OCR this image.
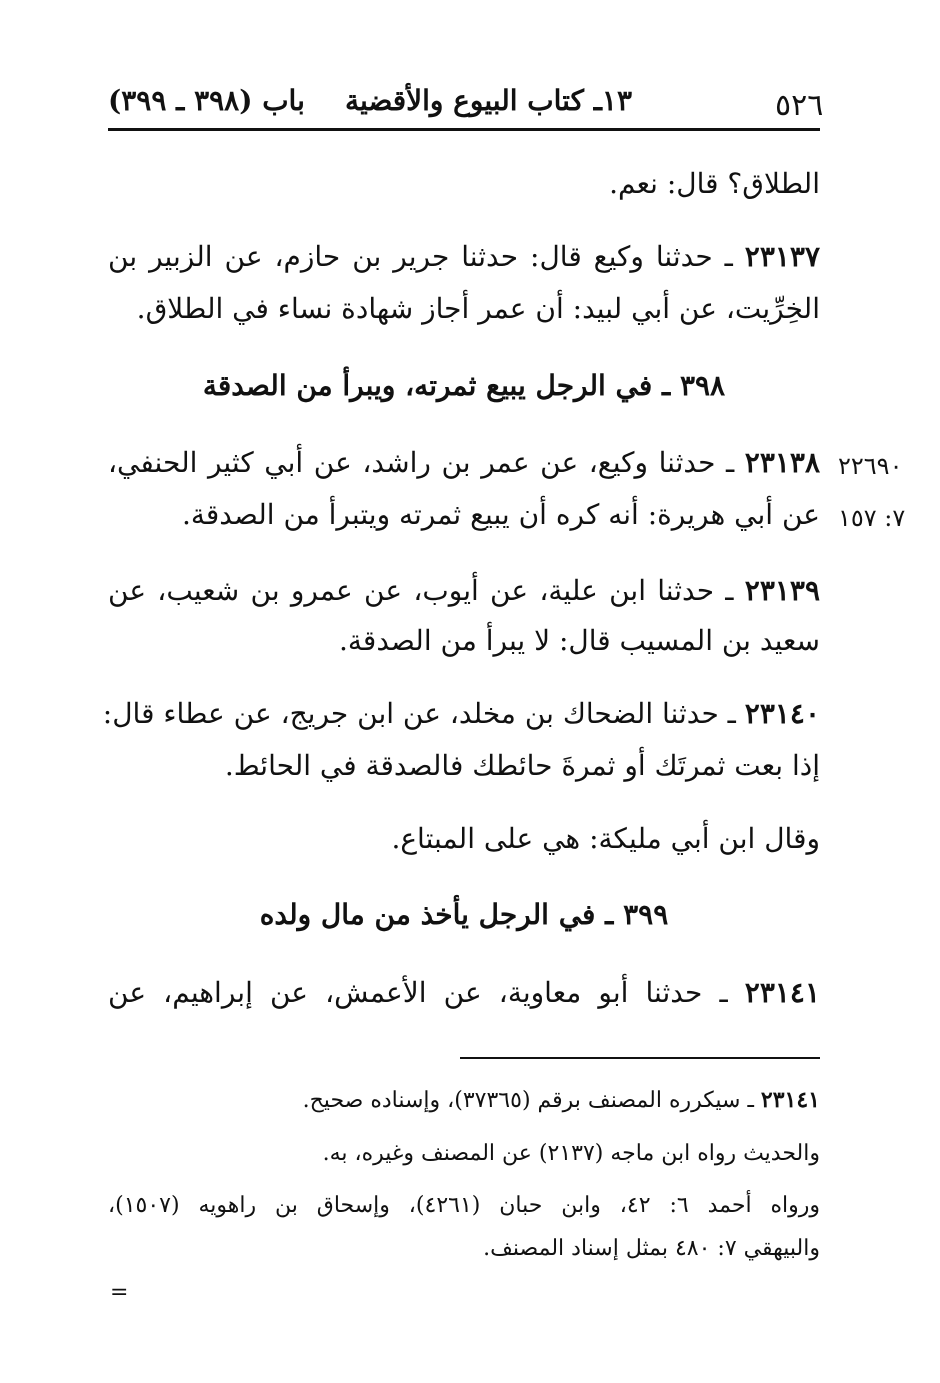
٥٢٦
١٣ـ كتاب البيوع والأقضية
باب (٣٩٨ ـ ٣٩٩)
الطلاق؟ قال: نعم.
٢٣١٣٧ ـ حدثنا وكيع قال: حدثنا جرير بن حازم، عن الزبير بن
الخِرِّيت، عن أبي لبيد: أن عمر أجاز شهادة نساء في الطلاق.
٣٩٨ ـ في الرجل يبيع ثمرته، ويبرأ من الصدقة
٢٢٦٩٠
٢٣١٣٨ ـ حدثنا وكيع، عن عمر بن راشد، عن أبي كثير الحنفي،
٧: ١٥٧
عن أبي هريرة: أنه كره أن يبيع ثمرته ويتبرأ من الصدقة.
٢٣١٣٩ ـ حدثنا ابن علية، عن أيوب، عن عمرو بن شعيب، عن
سعيد بن المسيب قال: لا يبرأ من الصدقة.
٢٣١٤٠ ـ حدثنا الضحاك بن مخلد، عن ابن جريج، عن عطاء قال:
إذا بعت ثمرتَك أو ثمرةَ حائطك فالصدقة في الحائط.
وقال ابن أبي مليكة: هي على المبتاع.
٣٩٩ ـ في الرجل يأخذ من مال ولده
٢٣١٤١ ـ حدثنا أبو معاوية، عن الأعمش، عن إبراهيم، عن
٢٣١٤١ ـ سيكرره المصنف برقم (٣٧٣٦٥)، وإسناده صحيح.
والحديث رواه ابن ماجه (٢١٣٧) عن المصنف وغيره، به.
ورواه أحمد ٦: ٤٢، وابن حبان (٤٢٦١)، وإسحاق بن راهويه (١٥٠٧)،
والبيهقي ٧: ٤٨٠ بمثل إسناد المصنف.
=
